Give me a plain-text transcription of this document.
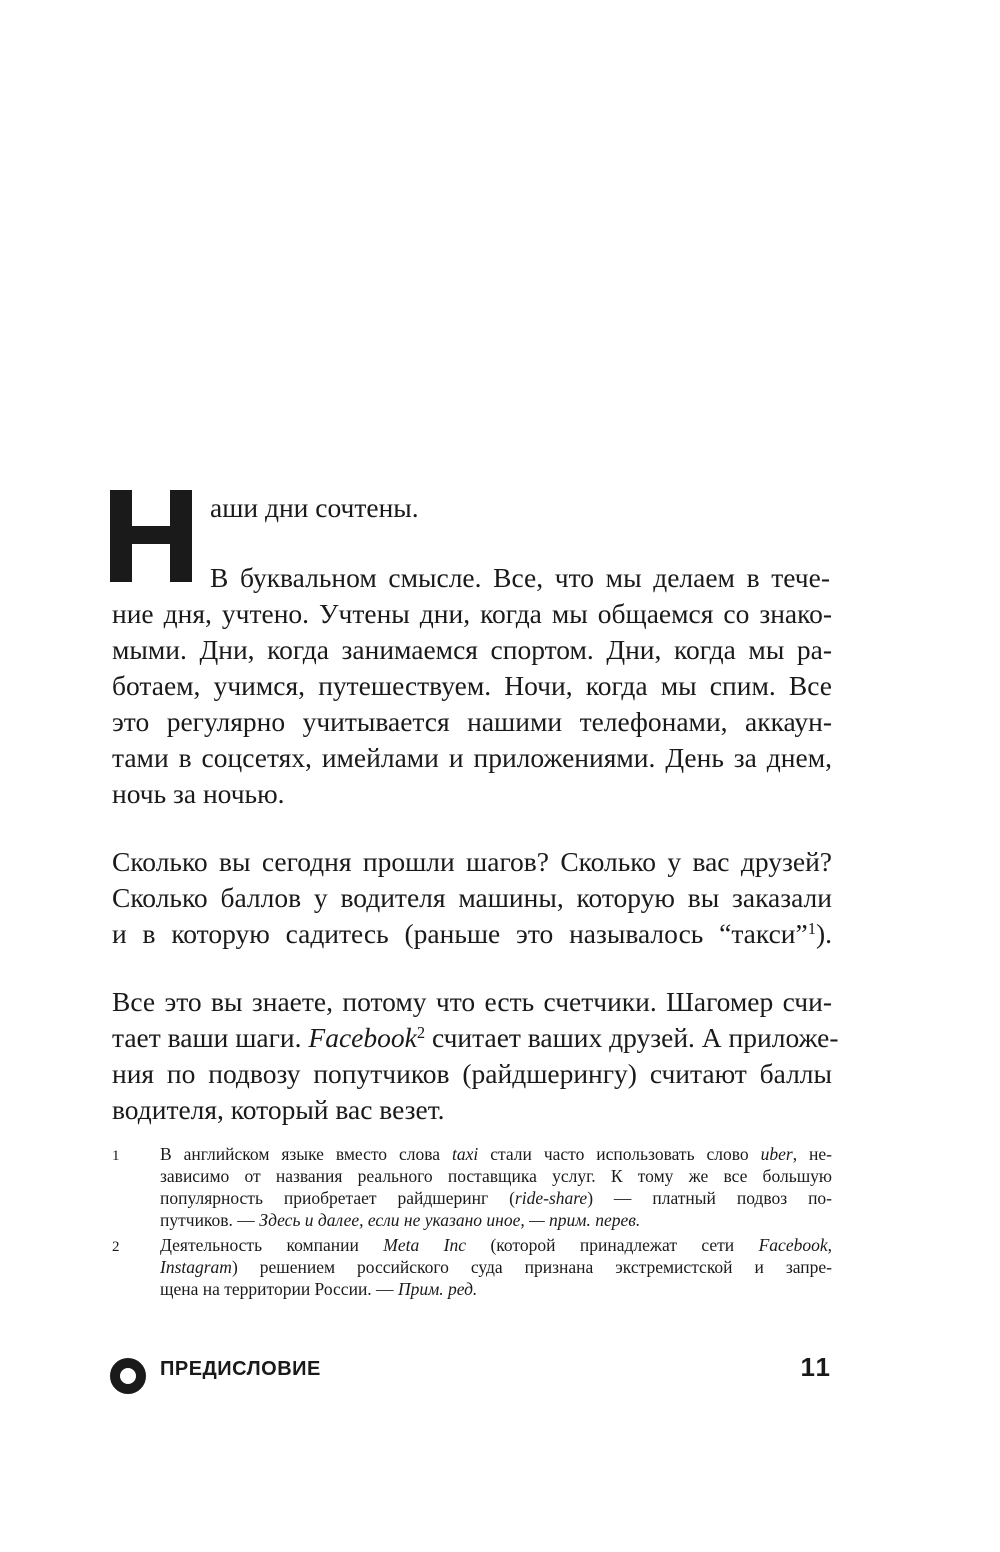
аши дни сочтены.
В буквальном смысле. Все, что мы делаем в тече-
ние дня, учтено. Учтены дни, когда мы общаемся со знако-
мыми. Дни, когда занимаемся спортом. Дни, когда мы ра-
ботаем, учимся, путешествуем. Ночи, когда мы спим. Все
это регулярно учитывается нашими телефонами, аккаун-
тами в соцсетях, имейлами и приложениями. День за днем,
ночь за ночью.
Сколько вы сегодня прошли шагов? Сколько у вас друзей?
Сколько баллов у водителя машины, которую вы заказали
и в которую садитесь (раньше это называлось “такси”$^1$).
Все это вы знаете, потому что есть счетчики. Шагомер счи-
тает ваши шаги. Facebook$^2$ считает ваших друзей. А приложе-
ния по подвозу попутчиков (райдшерингу) считают баллы
водителя, который вас везет.
1 В английском языке вместо слова taxi стали часто использовать слово uber, не-
зависимо от названия реального поставщика услуг. К тому же все большую
популярность приобретает райдшеринг (ride-share) — платный подвоз по-
путчиков. — Здесь и далее, если не указано иное, — прим. перев.
2 Деятельность компании Meta Inc (которой принадлежат сети Facebook,
Instagram) решением российского суда признана экстремистской и запре-
щена на территории России. — Прим. ред.
ПРЕДИСЛОВИЕ	11
